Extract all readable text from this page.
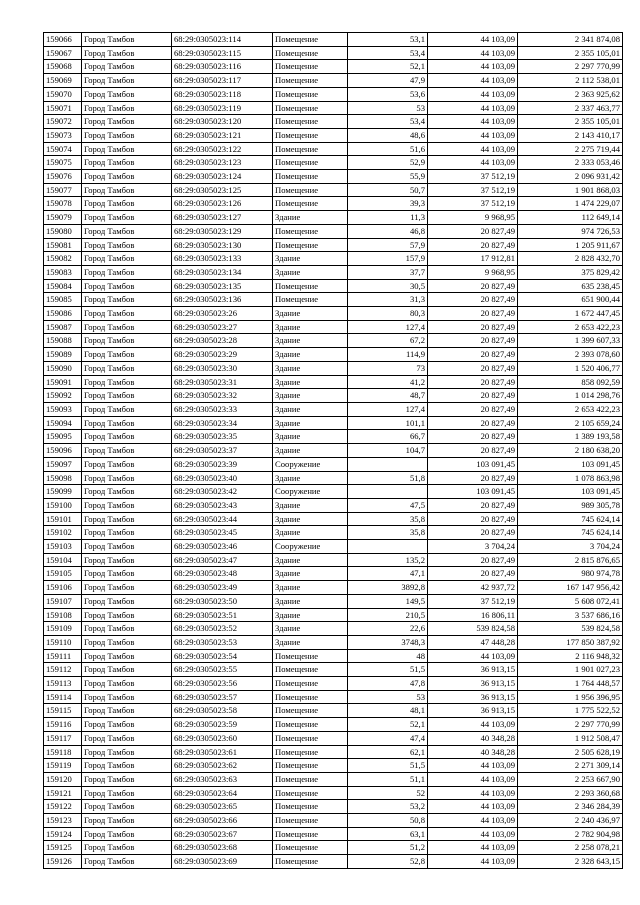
159066	Город Тамбов	68:29:0305023:114	Помещение	53,1	44 103,09	2 341 874,08
159067	Город Тамбов	68:29:0305023:115	Помещение	53,4	44 103,09	2 355 105,01
159068	Город Тамбов	68:29:0305023:116	Помещение	52,1	44 103,09	2 297 770,99
159069	Город Тамбов	68:29:0305023:117	Помещение	47,9	44 103,09	2 112 538,01
159070	Город Тамбов	68:29:0305023:118	Помещение	53,6	44 103,09	2 363 925,62
159071	Город Тамбов	68:29:0305023:119	Помещение	53	44 103,09	2 337 463,77
159072	Город Тамбов	68:29:0305023:120	Помещение	53,4	44 103,09	2 355 105,01
159073	Город Тамбов	68:29:0305023:121	Помещение	48,6	44 103,09	2 143 410,17
159074	Город Тамбов	68:29:0305023:122	Помещение	51,6	44 103,09	2 275 719,44
159075	Город Тамбов	68:29:0305023:123	Помещение	52,9	44 103,09	2 333 053,46
159076	Город Тамбов	68:29:0305023:124	Помещение	55,9	37 512,19	2 096 931,42
159077	Город Тамбов	68:29:0305023:125	Помещение	50,7	37 512,19	1 901 868,03
159078	Город Тамбов	68:29:0305023:126	Помещение	39,3	37 512,19	1 474 229,07
159079	Город Тамбов	68:29:0305023:127	Здание	11,3	9 968,95	112 649,14
159080	Город Тамбов	68:29:0305023:129	Помещение	46,8	20 827,49	974 726,53
159081	Город Тамбов	68:29:0305023:130	Помещение	57,9	20 827,49	1 205 911,67
159082	Город Тамбов	68:29:0305023:133	Здание	157,9	17 912,81	2 828 432,70
159083	Город Тамбов	68:29:0305023:134	Здание	37,7	9 968,95	375 829,42
159084	Город Тамбов	68:29:0305023:135	Помещение	30,5	20 827,49	635 238,45
159085	Город Тамбов	68:29:0305023:136	Помещение	31,3	20 827,49	651 900,44
159086	Город Тамбов	68:29:0305023:26	Здание	80,3	20 827,49	1 672 447,45
159087	Город Тамбов	68:29:0305023:27	Здание	127,4	20 827,49	2 653 422,23
159088	Город Тамбов	68:29:0305023:28	Здание	67,2	20 827,49	1 399 607,33
159089	Город Тамбов	68:29:0305023:29	Здание	114,9	20 827,49	2 393 078,60
159090	Город Тамбов	68:29:0305023:30	Здание	73	20 827,49	1 520 406,77
159091	Город Тамбов	68:29:0305023:31	Здание	41,2	20 827,49	858 092,59
159092	Город Тамбов	68:29:0305023:32	Здание	48,7	20 827,49	1 014 298,76
159093	Город Тамбов	68:29:0305023:33	Здание	127,4	20 827,49	2 653 422,23
159094	Город Тамбов	68:29:0305023:34	Здание	101,1	20 827,49	2 105 659,24
159095	Город Тамбов	68:29:0305023:35	Здание	66,7	20 827,49	1 389 193,58
159096	Город Тамбов	68:29:0305023:37	Здание	104,7	20 827,49	2 180 638,20
159097	Город Тамбов	68:29:0305023:39	Сооружение		103 091,45	103 091,45
159098	Город Тамбов	68:29:0305023:40	Здание	51,8	20 827,49	1 078 863,98
159099	Город Тамбов	68:29:0305023:42	Сооружение		103 091,45	103 091,45
159100	Город Тамбов	68:29:0305023:43	Здание	47,5	20 827,49	989 305,78
159101	Город Тамбов	68:29:0305023:44	Здание	35,8	20 827,49	745 624,14
159102	Город Тамбов	68:29:0305023:45	Здание	35,8	20 827,49	745 624,14
159103	Город Тамбов	68:29:0305023:46	Сооружение		3 704,24	3 704,24
159104	Город Тамбов	68:29:0305023:47	Здание	135,2	20 827,49	2 815 876,65
159105	Город Тамбов	68:29:0305023:48	Здание	47,1	20 827,49	980 974,78
159106	Город Тамбов	68:29:0305023:49	Здание	3892,8	42 937,72	167 147 956,42
159107	Город Тамбов	68:29:0305023:50	Здание	149,5	37 512,19	5 608 072,41
159108	Город Тамбов	68:29:0305023:51	Здание	210,5	16 806,11	3 537 686,16
159109	Город Тамбов	68:29:0305023:52	Здание	22,6	539 824,58	539 824,58
159110	Город Тамбов	68:29:0305023:53	Здание	3748,3	47 448,28	177 850 387,92
159111	Город Тамбов	68:29:0305023:54	Помещение	48	44 103,09	2 116 948,32
159112	Город Тамбов	68:29:0305023:55	Помещение	51,5	36 913,15	1 901 027,23
159113	Город Тамбов	68:29:0305023:56	Помещение	47,8	36 913,15	1 764 448,57
159114	Город Тамбов	68:29:0305023:57	Помещение	53	36 913,15	1 956 396,95
159115	Город Тамбов	68:29:0305023:58	Помещение	48,1	36 913,15	1 775 522,52
159116	Город Тамбов	68:29:0305023:59	Помещение	52,1	44 103,09	2 297 770,99
159117	Город Тамбов	68:29:0305023:60	Помещение	47,4	40 348,28	1 912 508,47
159118	Город Тамбов	68:29:0305023:61	Помещение	62,1	40 348,28	2 505 628,19
159119	Город Тамбов	68:29:0305023:62	Помещение	51,5	44 103,09	2 271 309,14
159120	Город Тамбов	68:29:0305023:63	Помещение	51,1	44 103,09	2 253 667,90
159121	Город Тамбов	68:29:0305023:64	Помещение	52	44 103,09	2 293 360,68
159122	Город Тамбов	68:29:0305023:65	Помещение	53,2	44 103,09	2 346 284,39
159123	Город Тамбов	68:29:0305023:66	Помещение	50,8	44 103,09	2 240 436,97
159124	Город Тамбов	68:29:0305023:67	Помещение	63,1	44 103,09	2 782 904,98
159125	Город Тамбов	68:29:0305023:68	Помещение	51,2	44 103,09	2 258 078,21
159126	Город Тамбов	68:29:0305023:69	Помещение	52,8	44 103,09	2 328 643,15
